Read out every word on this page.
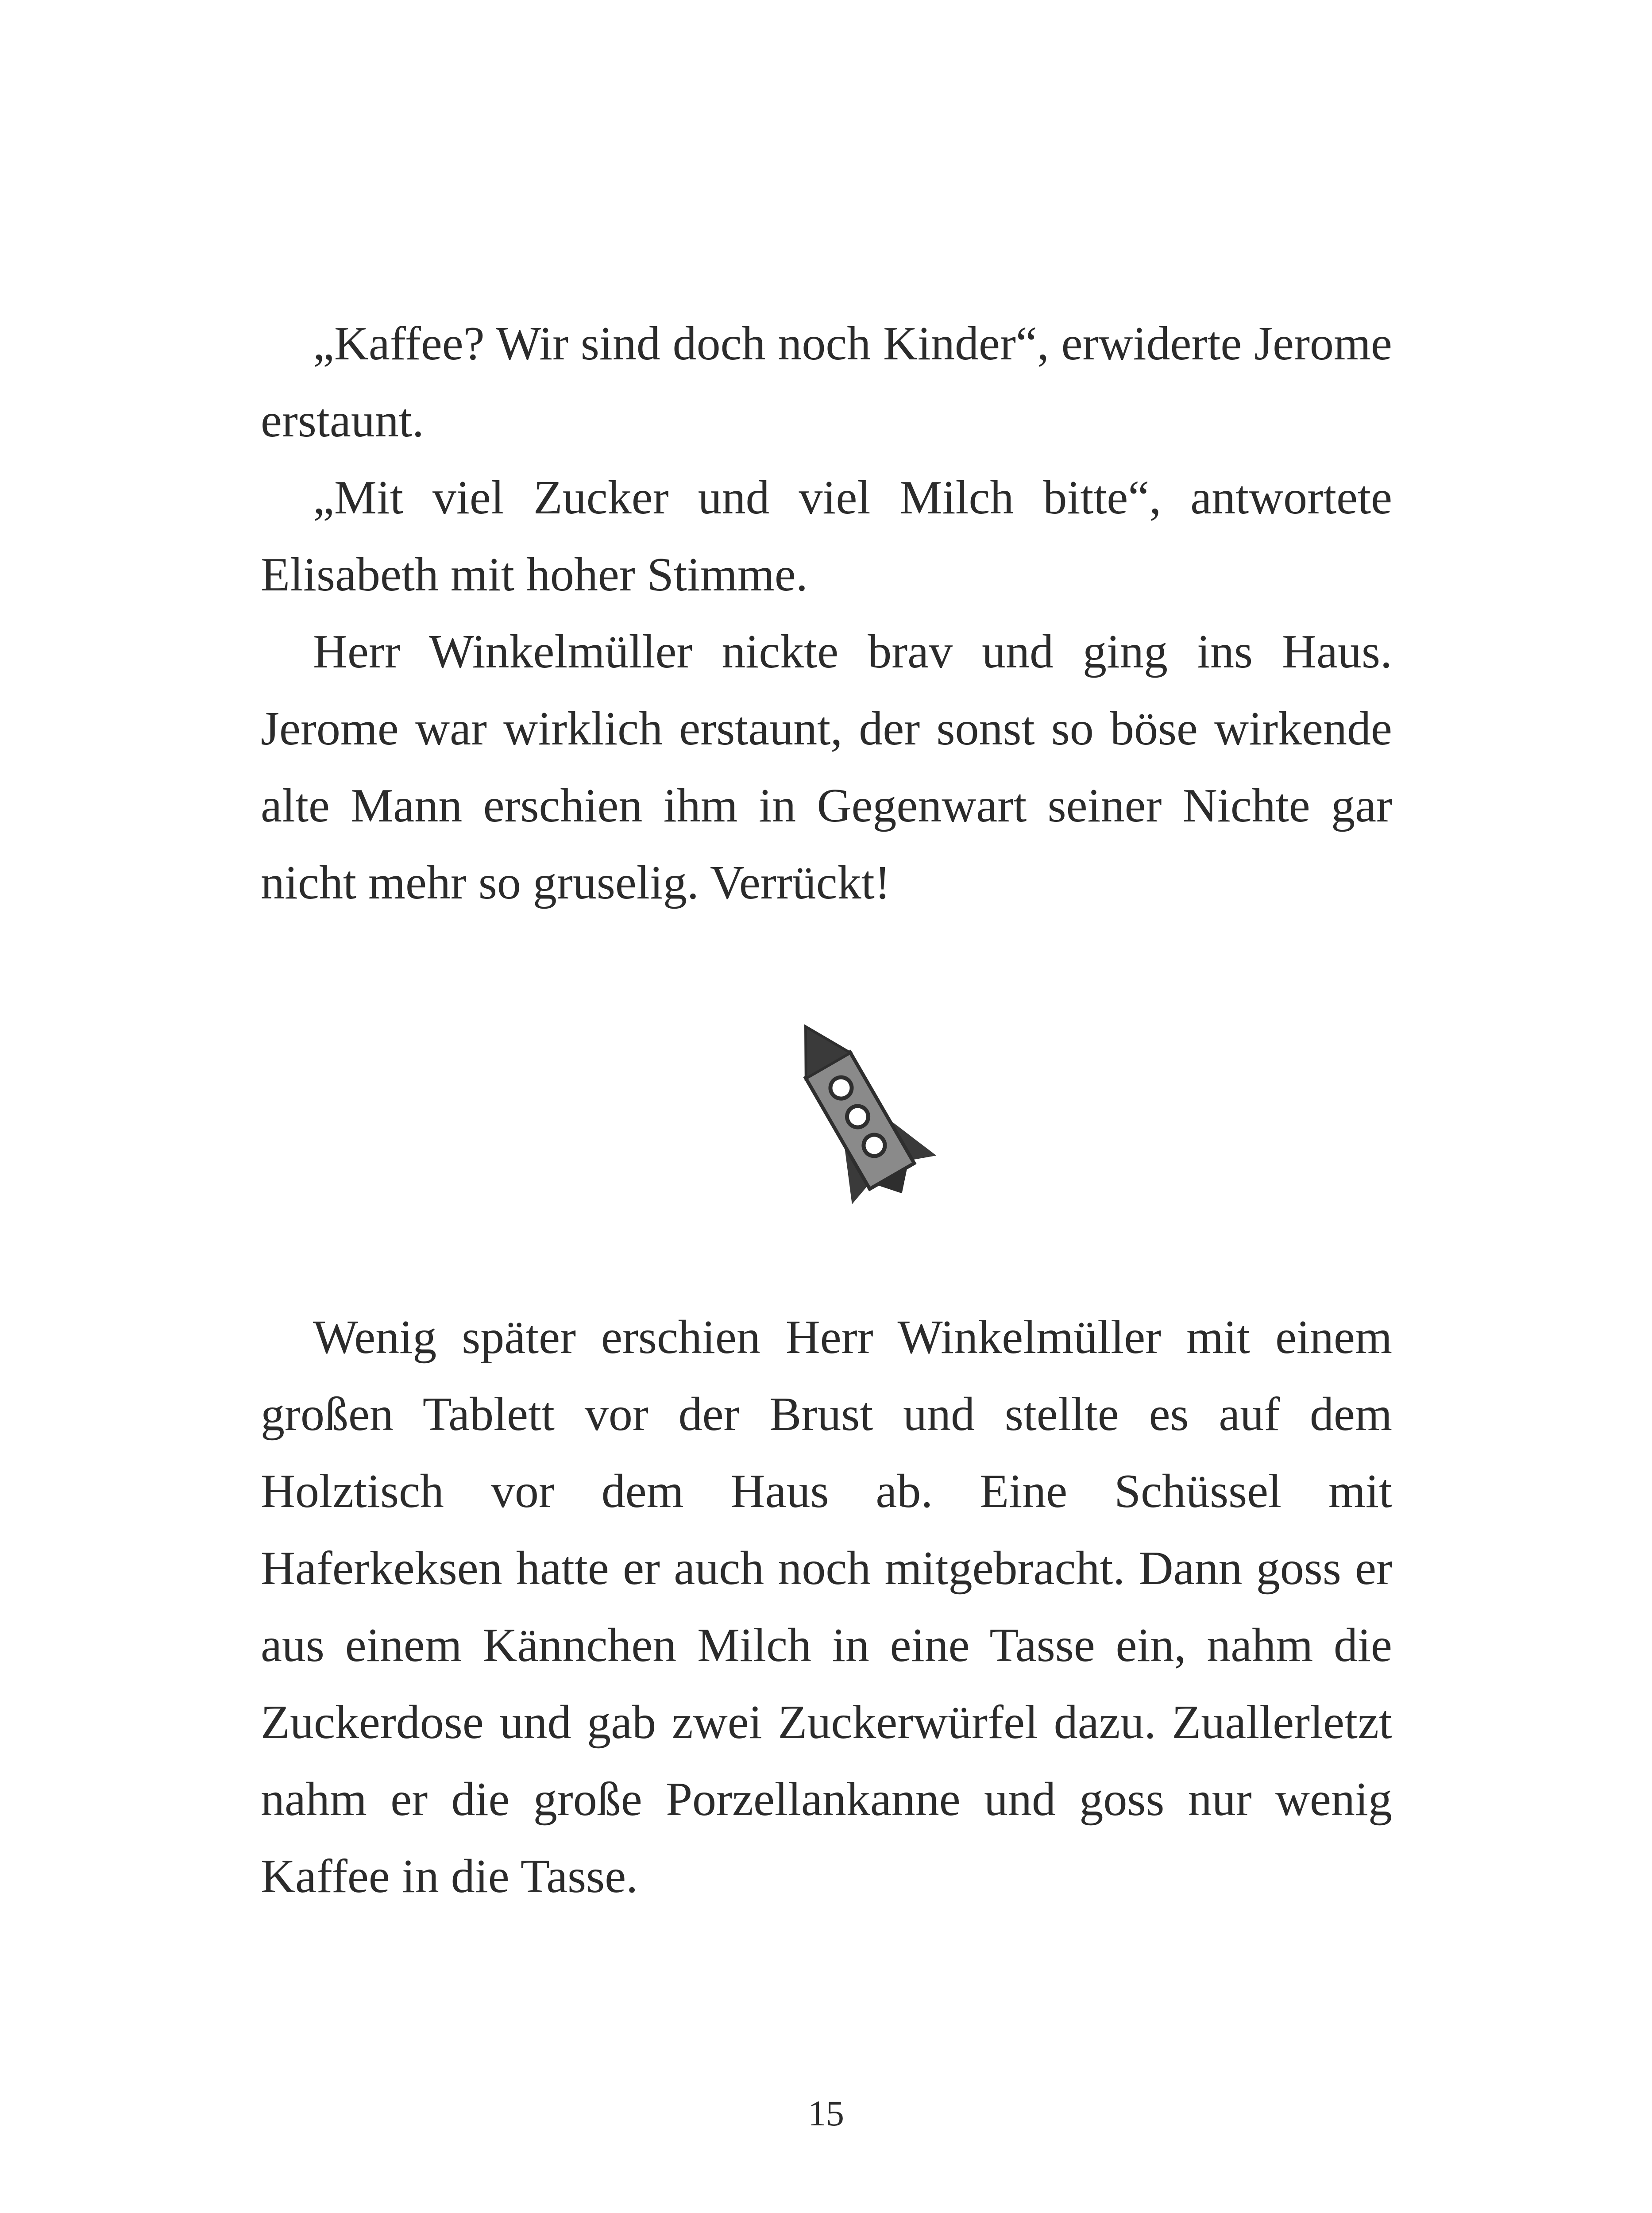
„Kaffee? Wir sind doch noch Kinder“, erwiderte Jerome erstaunt.

„Mit viel Zucker und viel Milch bitte“, antwortete Elisabeth mit hoher Stimme.

Herr Winkelmüller nickte brav und ging ins Haus. Jerome war wirklich erstaunt, der sonst so böse wirkende alte Mann erschien ihm in Gegenwart seiner Nichte gar nicht mehr so gruselig. Verrückt!

Wenig später erschien Herr Winkelmüller mit einem großen Tablett vor der Brust und stellte es auf dem Holztisch vor dem Haus ab. Eine Schüssel mit Haferkeksen hatte er auch noch mitgebracht. Dann goss er aus einem Kännchen Milch in eine Tasse ein, nahm die Zuckerdose und gab zwei Zuckerwürfel dazu. Zuallerletzt nahm er die große Porzellankanne und goss nur wenig Kaffee in die Tasse.

15
